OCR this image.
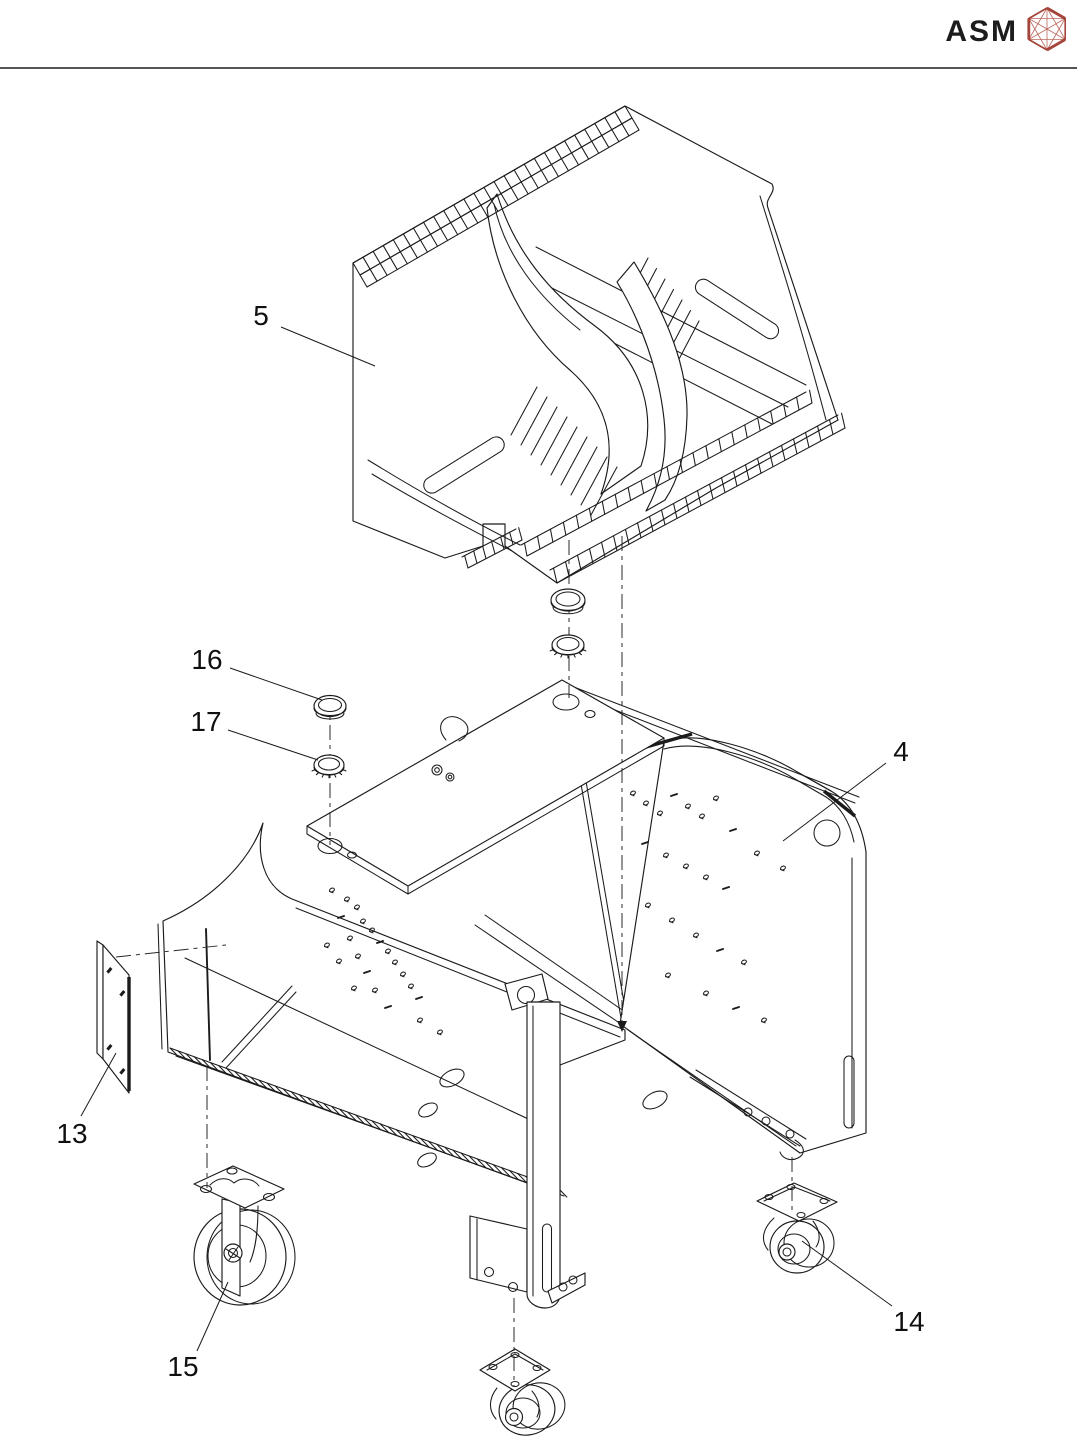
ASM
5
16
17
4
13
15
14
